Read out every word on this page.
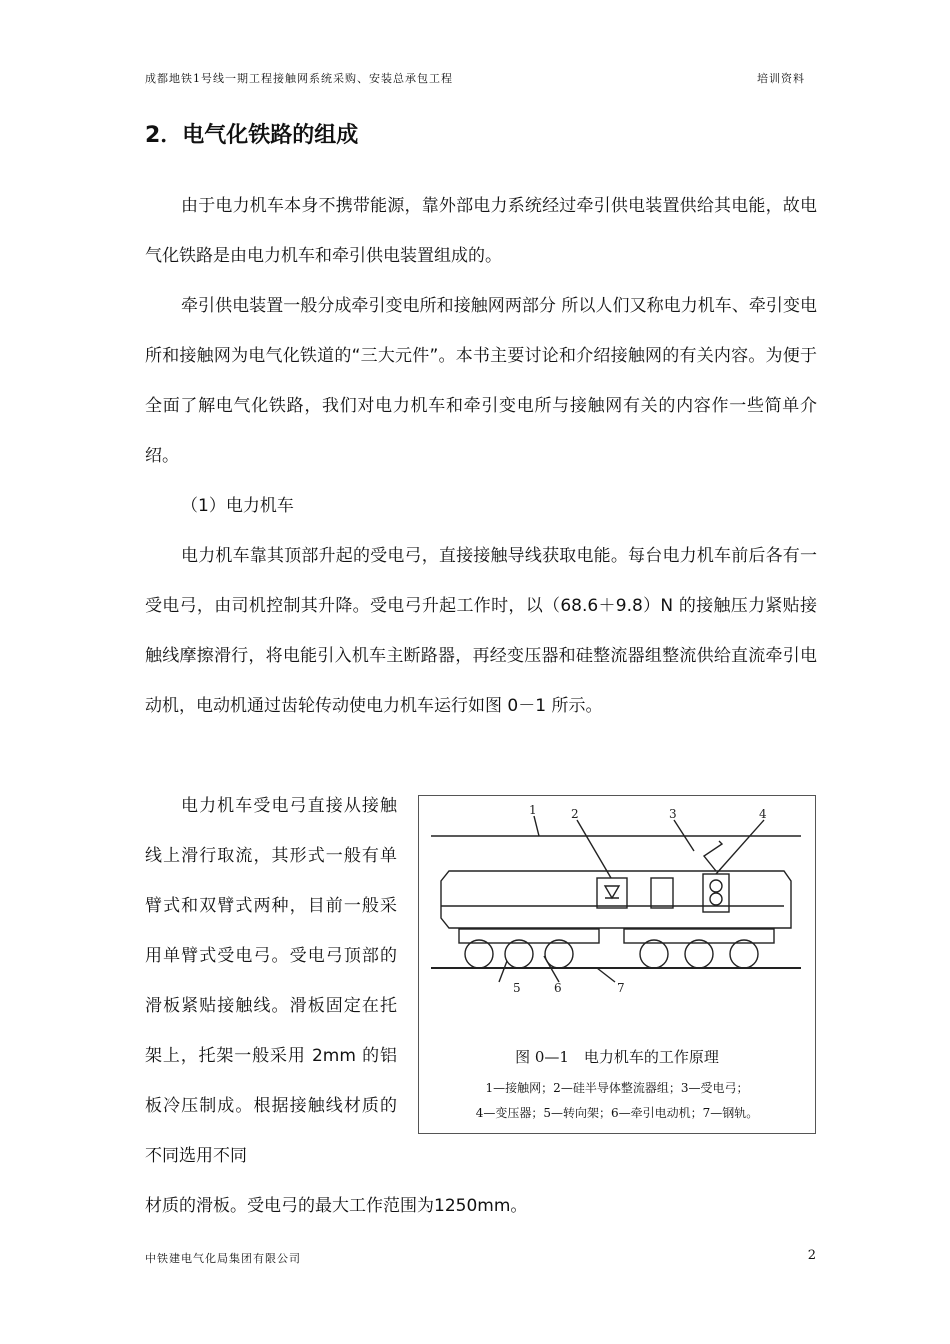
成都地铁1号线一期工程接触网系统采购、安装总承包工程	培训资料
2．电气化铁路的组成

由于电力机车本身不携带能源，靠外部电力系统经过牵引供电装置供给其电能，故电气化铁路是由电力机车和牵引供电装置组成的。

牵引供电装置一般分成牵引变电所和接触网两部分 所以人们又称电力机车、牵引变电所和接触网为电气化铁道的“三大元件”。本书主要讨论和介绍接触网的有关内容。为便于全面了解电气化铁路，我们对电力机车和牵引变电所与接触网有关的内容作一些简单介绍。

（1）电力机车

电力机车靠其顶部升起的受电弓，直接接触导线获取电能。每台电力机车前后各有一受电弓，由司机控制其升降。受电弓升起工作时，以（68.6＋9.8）N 的接触压力紧贴接触线摩擦滑行，将电能引入机车主断路器，再经变压器和硅整流器组整流供给直流牵引电动机，电动机通过齿轮传动使电力机车运行如图 0－1 所示。

电力机车受电弓直接从接触线上滑行取流，其形式一般有单臂式和双臂式两种，目前一般采用单臂式受电弓。受电弓顶部的滑板紧贴接触线。滑板固定在托架上，托架一般采用 2mm 的铝板冷压制成。根据接触线材质的不同选用不同

材质的滑板。受电弓的最大工作范围为1250mm。

1	2	3	4
5	6	7
图 0—1　电力机车的工作原理
1—接触网；2—硅半导体整流器组；3—受电弓；
4—变压器；5—转向架；6—牵引电动机；7—钢轨。
中铁建电气化局集团有限公司	2
